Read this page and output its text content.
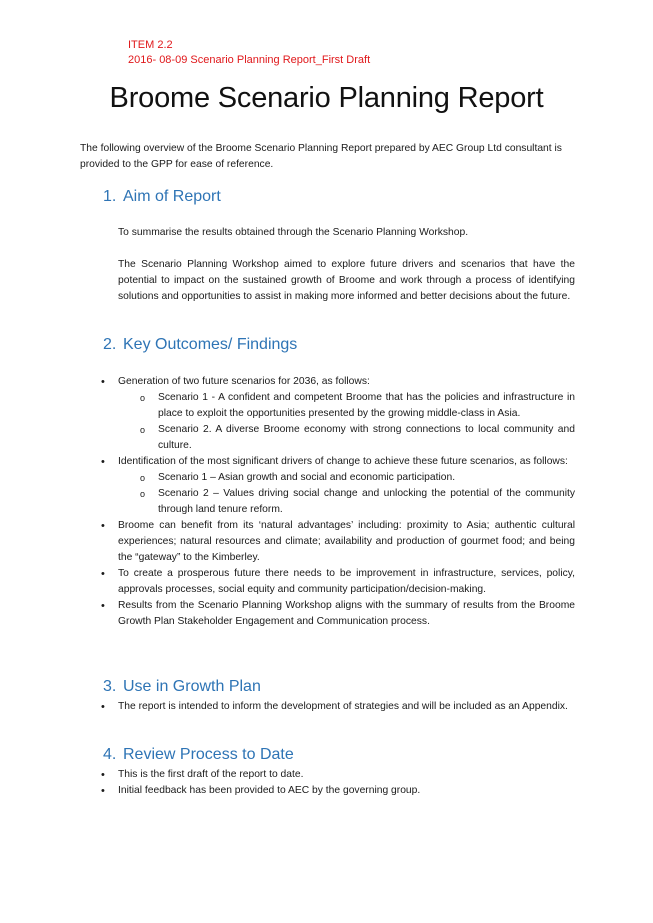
ITEM 2.2
2016- 08-09 Scenario Planning Report_First Draft
Broome Scenario Planning Report
The following overview of the Broome Scenario Planning Report prepared by AEC Group Ltd consultant is provided to the GPP for ease of reference.
1. Aim of Report
To summarise the results obtained through the Scenario Planning Workshop.
The Scenario Planning Workshop aimed to explore future drivers and scenarios that have the potential to impact on the sustained growth of Broome and work through a process of identifying solutions and opportunities to assist in making more informed and better decisions about the future.
2. Key Outcomes/ Findings
• Generation of two future scenarios for 2036, as follows:
o Scenario 1 - A confident and competent Broome that has the policies and infrastructure in place to exploit the opportunities presented by the growing middle-class in Asia.
o Scenario 2. A diverse Broome economy with strong connections to local community and culture.
• Identification of the most significant drivers of change to achieve these future scenarios, as follows:
o Scenario 1 – Asian growth and social and economic participation.
o Scenario 2 – Values driving social change and unlocking the potential of the community through land tenure reform.
• Broome can benefit from its ‘natural advantages’ including: proximity to Asia; authentic cultural experiences; natural resources and climate; availability and production of gourmet food; and being the “gateway” to the Kimberley.
• To create a prosperous future there needs to be improvement in infrastructure, services, policy, approvals processes, social equity and community participation/decision-making.
• Results from the Scenario Planning Workshop aligns with the summary of results from the Broome Growth Plan Stakeholder Engagement and Communication process.
3. Use in Growth Plan
• The report is intended to inform the development of strategies and will be included as an Appendix.
4. Review Process to Date
• This is the first draft of the report to date.
• Initial feedback has been provided to AEC by the governing group.
